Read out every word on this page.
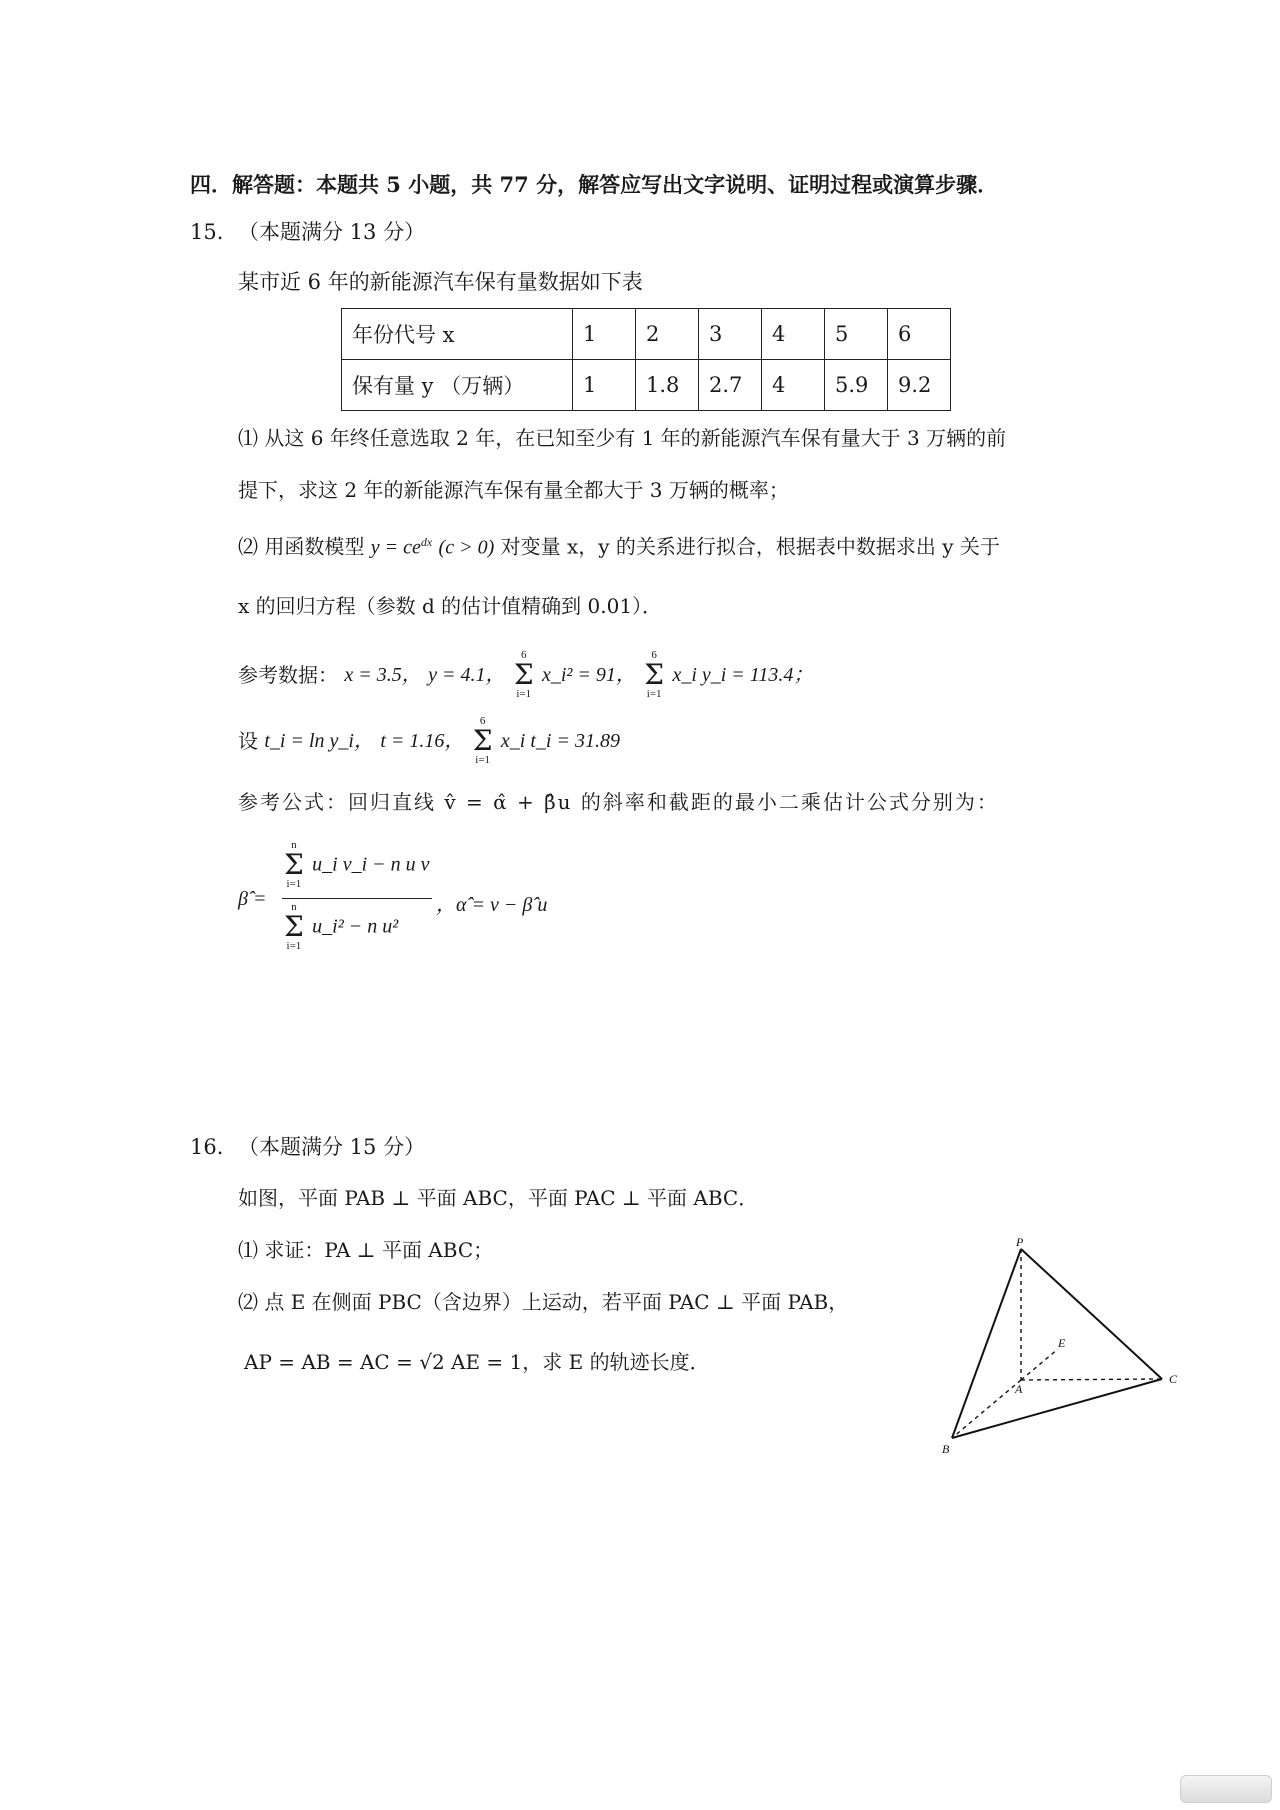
四．解答题：本题共 5 小题，共 77 分，解答应写出文字说明、证明过程或演算步骤．
15. （本题满分 13 分）
某市近 6 年的新能源汽车保有量数据如下表
年份代号 x	1	2	3	4	5	6
保有量 y （万辆）	1	1.8	2.7	4	5.9	9.2
⑴ 从这 6 年终任意选取 2 年，在已知至少有 1 年的新能源汽车保有量大于 3 万辆的前
提下，求这 2 年的新能源汽车保有量全都大于 3 万辆的概率；
⑵ 用函数模型 $y = ce^{dx}$ (c > 0) 对变量 x，y 的关系进行拟合，根据表中数据求出 y 关于
x 的回归方程（参数 d 的估计值精确到 0.01）．
参考数据： x = 3.5， y = 4.1，
6
Σ
i=1
x_i² = 91，
6
Σ
i=1
x_i y_i = 113.4；
设 t_i = ln y_i， t = 1.16，
6
Σ
i=1
x_i t_i = 31.89
参考公式：回归直线 v̂ = α̂ + β̂u 的斜率和截距的最小二乘估计公式分别为：
β̂ =
n
Σ
i=1
u_i v_i − n u v
n
Σ
i=1
u_i² − n u²
，α̂ = v − β̂ u
16. （本题满分 15 分）
如图，平面 PAB ⊥ 平面 ABC，平面 PAC ⊥ 平面 ABC．
⑴ 求证：PA ⊥ 平面 ABC；
⑵ 点 E 在侧面 PBC（含边界）上运动，若平面 PAC ⊥ 平面 PAB，
AP = AB = AC = √2 AE = 1，求 E 的轨迹长度．
P
A
B
C
E
